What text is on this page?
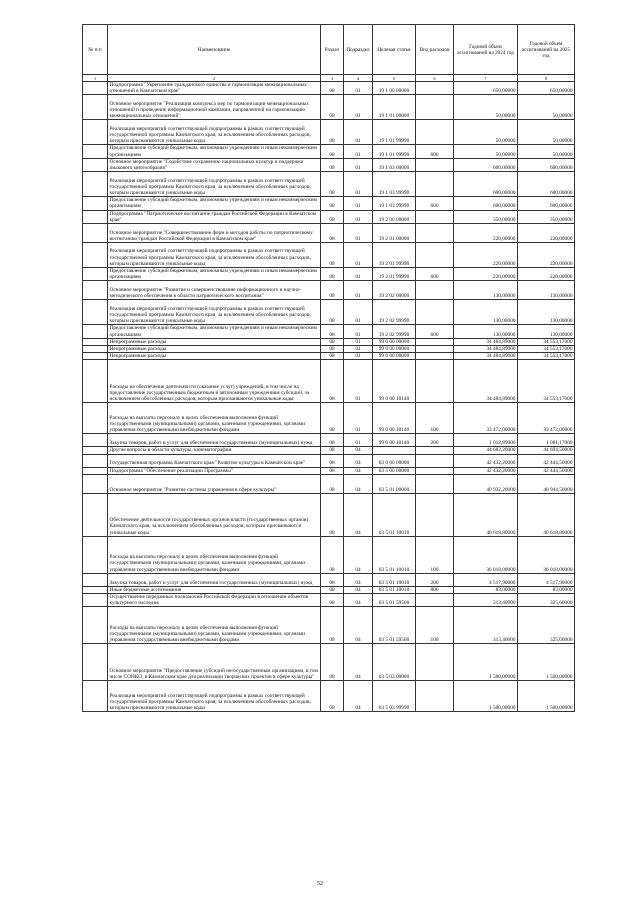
№ п/п	Наименование	Раздел	Подраздел	Целевая статья	Вид расходов	Годовой объем ассигнований на 2024 год	Годовой объем ассигнований на 2025 год
1	2	3	4	5	6	7	8
	Подпрограмма "Укрепление гражданского единства и гармонизация межнациональных отношений в Камчатском крае"	08	01	19 1 00 00000		650,00000	650,00000
	Основное мероприятие "Реализация комплекса мер по гармонизации межнациональных отношений и проведение информационной кампании, направленной на гармонизацию межнациональных отношений"	08	01	19 1 01 00000		50,00000	50,00000
	Реализация мероприятий соответствующей подпрограммы в рамках соответствующей государственной программы Камчатского края, за исключением обособленных расходов, которым присваиваются уникальные коды	08	01	19 1 01 99990		50,00000	50,00000
	Предоставление субсидий бюджетным, автономным учреждениям и иным некоммерческим организациям	08	01	19 1 01 99990	600	50,00000	50,00000
	Основное мероприятие "Содействие сохранению национальных культур и поддержка языкового многообразия"	08	01	19 1 03 00000		600,00000	600,00000
	Реализация мероприятий соответствующей подпрограммы в рамках соответствующей государственной программы Камчатского края, за исключением обособленных расходов, которым присваиваются уникальные коды	08	01	19 1 03 99990		600,00000	600,00000
	Предоставление субсидий бюджетным, автономным учреждениям и иным некоммерческим организациям	08	01	19 1 03 99990	600	600,00000	600,00000
	Подпрограмма "Патриотическое воспитание граждан Российской Федерации в Камчатском крае"	08	01	19 2 00 00000		350,00000	350,00000
	Основное мероприятие "Совершенствование форм и методов работы по патриотическому воспитанию граждан Российской Федерации в Камчатском крае"	08	01	19 2 01 00000		220,00000	220,00000
	Реализация мероприятий соответствующей подпрограммы в рамках соответствующей государственной программы Камчатского края, за исключением обособленных расходов, которым присваиваются уникальные коды	08	01	19 2 01 99990		220,00000	220,00000
	Предоставление субсидий бюджетным, автономным учреждениям и иным некоммерческим организациям	08	01	19 2 01 99990	600	220,00000	220,00000
	Основное мероприятие "Развитие и совершенствование информационного и научно-методического обеспечения в области патриотического воспитания"	08	01	19 2 02 00000		130,00000	130,00000
	Реализация мероприятий соответствующей подпрограммы в рамках соответствующей государственной программы Камчатского края, за исключением обособленных расходов, которым присваиваются уникальные коды	08	01	19 2 02 99990		130,00000	130,00000
	Предоставление субсидий бюджетным, автономным учреждениям и иным некоммерческим организациям	08	01	19 2 02 99990	600	130,00000	130,00000
	Непрограммные расходы	08	01	99 0 00 00000		34 484,89000	34 553,17000
	Непрограммные расходы	08	01	99 0 00 00000		34 484,89000	34 553,17000
	Непрограммные расходы	08	01	99 0 00 00000		34 484,89000	34 553,17000
	Расходы на обеспечение деятельности (оказание услуг) учреждений, в том числе на предоставление государственным бюджетным и автономным учреждениям субсидий, за исключением обособленных расходов, которым присваиваются уникальные коды	08	01	99 0 00 10140		34 484,89000	34 553,17000
	Расходы на выплаты персоналу в целях обеспечения выполнения функций государственными (муниципальными) органами, казенными учреждениями, органами управления государственными внебюджетными фондами	08	01	99 0 00 10140	100	33 472,00000	33 472,00000
	Закупка товаров, работ и услуг для обеспечения государственных (муниципальных) нужд	08	01	99 0 00 10140	200	1 012,89000	1 081,17000
	Другие вопросы в области культуры, кинематографии	08	04			44 682,20000	44 694,50000
	Государственная программа Камчатского края "Развитие культуры в Камчатском крае"	08	04	03 0 00 00000		42 432,20000	42 444,50000
	Подпрограмма "Обеспечение реализации Программы"	08	04	03 5 00 00000		42 432,20000	42 444,50000
	Основное мероприятие "Развитие системы управления в сфере культуры"	08	04	03 5 01 00000		40 932,20000	40 944,50000
	Обеспечение деятельности государственных органов власти (государственных органов) Камчатского края, за исключением обособленных расходов, которым присваиваются уникальные коды	08	04	03 5 01 10010		40 618,80000	40 618,80000
	Расходы на выплаты персоналу в целях обеспечения выполнения функций государственными (муниципальными) органами, казенными учреждениями, органами управления государственными внебюджетными фондами	08	04	03 5 01 10010	100	36 018,00000	36 018,00000
	Закупка товаров, работ и услуг для обеспечения государственных (муниципальных) нужд	08	04	03 5 01 10010	200	4 517,90000	4 517,90000
	Иные бюджетные ассигнования	08	04	03 5 01 10010	800	83,00000	83,00000
	Осуществление переданных полномочий Российской Федерации в отношении объектов культурного наследия	08	04	03 5 01 59500		313,40000	325,60000
	Расходы на выплаты персоналу в целях обеспечения выполнения функций государственными (муниципальными) органами, казенными учреждениями, органами управления государственными внебюджетными фондами	08	04	03 5 01 59500	100	313,40000	325,60000
	Основное мероприятие "Предоставление субсидий негосударственным организациям, в том числе СОНКО, в Камчатском крае для реализации творческих проектов в сфере культуры"	08	04	03 5 03 00000		1 500,00000	1 500,00000
	Реализация мероприятий соответствующей подпрограммы в рамках соответствующей государственной программы Камчатского края, за исключением обособленных расходов, которым присваиваются уникальные коды	08	04	03 5 03 99990		1 500,00000	1 500,00000
52
